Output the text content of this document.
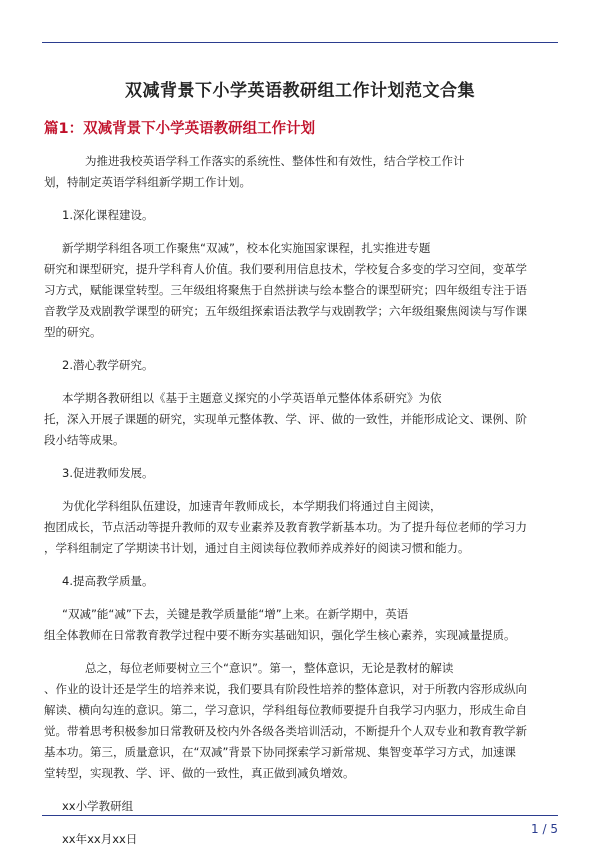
双减背景下小学英语教研组工作计划范文合集
篇1：双减背景下小学英语教研组工作计划
为推进我校英语学科工作落实的系统性、整体性和有效性，结合学校工作计
划，特制定英语学科组新学期工作计划。
1.深化课程建设。
新学期学科组各项工作聚焦“双减”，校本化实施国家课程，扎实推进专题
研究和课型研究，提升学科育人价值。我们要利用信息技术，学校复合多变的学习空间，变革学
习方式，赋能课堂转型。三年级组将聚焦于自然拼读与绘本整合的课型研究；四年级组专注于语
音教学及戏剧教学课型的研究；五年级组探索语法教学与戏剧教学；六年级组聚焦阅读与写作课
型的研究。
2.潜心教学研究。
本学期各教研组以《基于主题意义探究的小学英语单元整体体系研究》为依
托，深入开展子课题的研究，实现单元整体教、学、评、做的一致性，并能形成论文、课例、阶
段小结等成果。
3.促进教师发展。
为优化学科组队伍建设，加速青年教师成长，本学期我们将通过自主阅读，
抱团成长，节点活动等提升教师的双专业素养及教育教学新基本功。为了提升每位老师的学习力
，学科组制定了学期读书计划，通过自主阅读每位教师养成养好的阅读习惯和能力。
4.提高教学质量。
“双减”能“减”下去，关键是教学质量能“增”上来。在新学期中，英语
组全体教师在日常教育教学过程中要不断夯实基础知识，强化学生核心素养，实现减量提质。
总之，每位老师要树立三个“意识”。第一，整体意识，无论是教材的解读
、作业的设计还是学生的培养来说，我们要具有阶段性培养的整体意识，对于所教内容形成纵向
解读、横向勾连的意识。第二，学习意识，学科组每位教师要提升自我学习内驱力，形成生命自
觉。带着思考积极参加日常教研及校内外各级各类培训活动，不断提升个人双专业和教育教学新
基本功。第三，质量意识，在“双减”背景下协同探索学习新常规、集智变革学习方式，加速课
堂转型，实现教、学、评、做的一致性，真正做到减负增效。
xx小学教研组
xx年xx月xx日
1 / 5
